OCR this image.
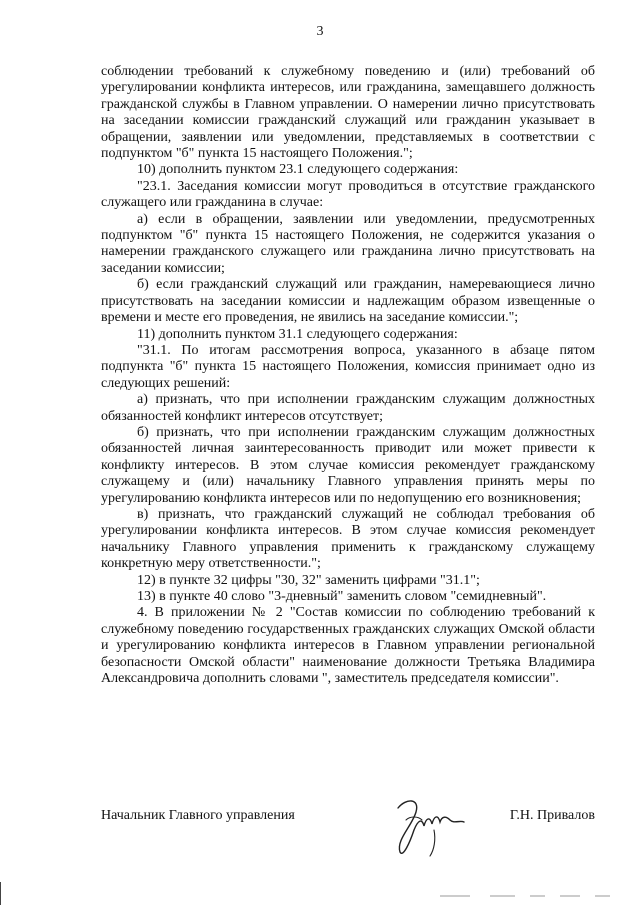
3

соблюдении требований к служебному поведению и (или) требований об урегулировании конфликта интересов, или гражданина, замещавшего должность гражданской службы в Главном управлении. О намерении лично присутствовать на заседании комиссии гражданский служащий или гражданин указывает в обращении, заявлении или уведомлении, представляемых в соответствии с подпунктом "б" пункта 15 настоящего Положения.";

10) дополнить пунктом 23.1 следующего содержания:

"23.1. Заседания комиссии могут проводиться в отсутствие гражданского служащего или гражданина в случае:

а) если в обращении, заявлении или уведомлении, предусмотренных подпунктом "б" пункта 15 настоящего Положения, не содержится указания о намерении гражданского служащего или гражданина лично присутствовать на заседании комиссии;

б) если гражданский служащий или гражданин, намеревающиеся лично присутствовать на заседании комиссии и надлежащим образом извещенные о времени и месте его проведения, не явились на заседание комиссии.";

11) дополнить пунктом 31.1 следующего содержания:

"31.1. По итогам рассмотрения вопроса, указанного в абзаце пятом подпункта "б" пункта 15 настоящего Положения, комиссия принимает одно из следующих решений:

а) признать, что при исполнении гражданским служащим должностных обязанностей конфликт интересов отсутствует;

б) признать, что при исполнении гражданским служащим должностных обязанностей личная заинтересованность приводит или может привести к конфликту интересов. В этом случае комиссия рекомендует гражданскому служащему и (или) начальнику Главного управления принять меры по урегулированию конфликта интересов или по недопущению его возникновения;

в) признать, что гражданский служащий не соблюдал требования об урегулировании конфликта интересов. В этом случае комиссия рекомендует начальнику Главного управления применить к гражданскому служащему конкретную меру ответственности.";

12) в пункте 32 цифры "30, 32" заменить цифрами "31.1";

13) в пункте 40 слово "3-дневный" заменить словом "семидневный".

4. В приложении № 2 "Состав комиссии по соблюдению требований к служебному поведению государственных гражданских служащих Омской области и урегулированию конфликта интересов в Главном управлении региональной безопасности Омской области" наименование должности Третьяка Владимира Александровича дополнить словами ", заместитель председателя комиссии".

Начальник Главного управления	Г.Н. Привалов
